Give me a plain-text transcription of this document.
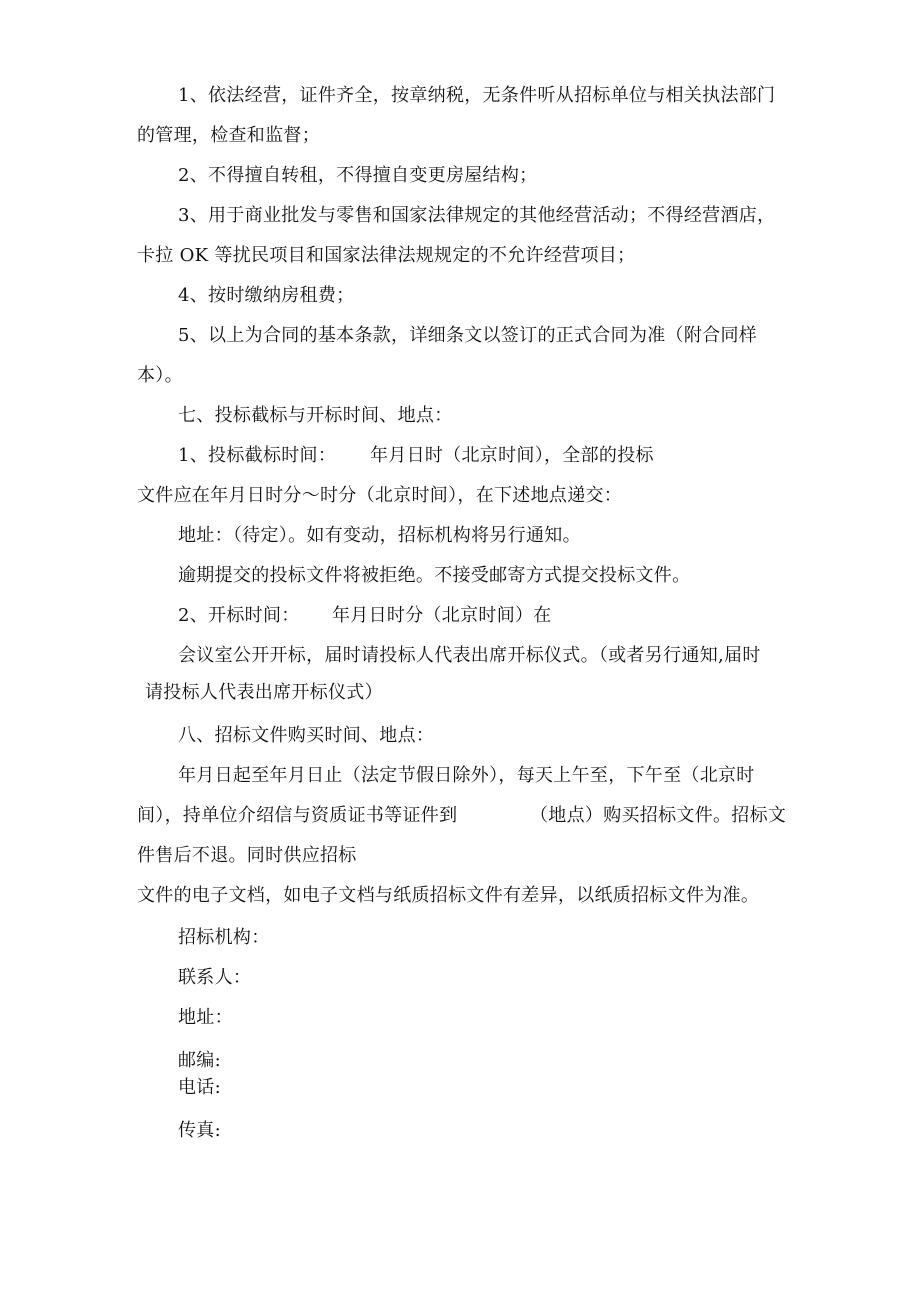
1、依法经营，证件齐全，按章纳税，无条件听从招标单位与相关执法部门
的管理，检查和监督；
2、不得擅自转租，不得擅自变更房屋结构；
3、用于商业批发与零售和国家法律规定的其他经营活动；不得经营酒店，
卡拉 OK 等扰民项目和国家法律法规规定的不允许经营项目；
4、按时缴纳房租费；
5、以上为合同的基本条款，详细条文以签订的正式合同为准（附合同样
本）。
七、投标截标与开标时间、地点：
1、投标截标时间： 年月日时（北京时间），全部的投标
文件应在年月日时分～时分（北京时间），在下述地点递交：
地址：（待定）。如有变动，招标机构将另行通知。
逾期提交的投标文件将被拒绝。不接受邮寄方式提交投标文件。
2、开标时间： 年月日时分（北京时间）在
会议室公开开标，届时请投标人代表出席开标仪式。（或者另行通知,届时
请投标人代表出席开标仪式）
八、招标文件购买时间、地点：
年月日起至年月日止（法定节假日除外），每天上午至，下午至（北京时
间），持单位介绍信与资质证书等证件到	（地点）购买招标文件。招标文
件售后不退。同时供应招标
文件的电子文档，如电子文档与纸质招标文件有差异，以纸质招标文件为准。
招标机构：
联系人：
地址：
邮编:
电话:
传真:
